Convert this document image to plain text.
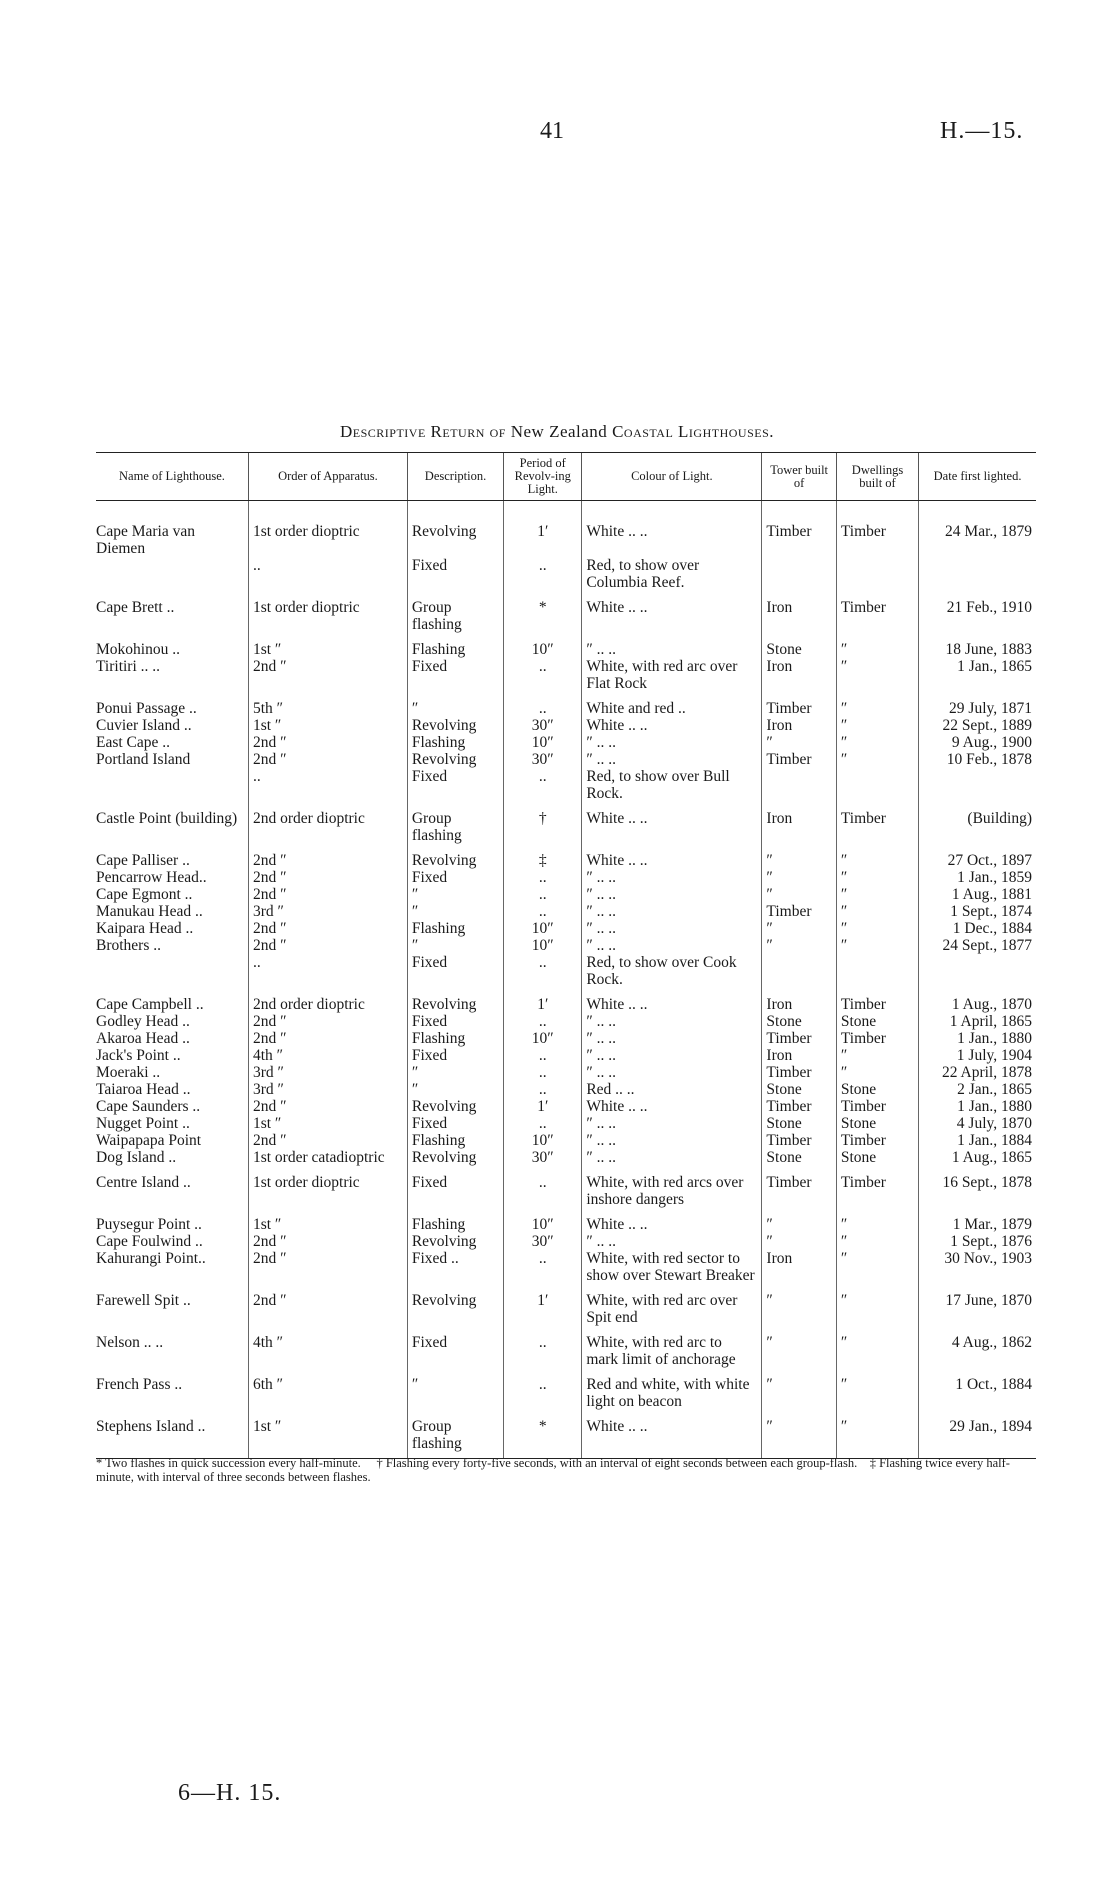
41	H.—15.
Descriptive Return of New Zealand Coastal Lighthouses.
Name of Lighthouse.	Order of Apparatus.	Description.	Period of Revolv-ing Light.	Colour of Light.	Tower built of	Dwellings built of	Date first lighted.
Cape Maria van Diemen	1st order dioptric	Revolving	1′	White .. ..	Timber	Timber	24 Mar., 1879
	..	Fixed	..	Red, to show over Columbia Reef.			
Cape Brett ..	1st order dioptric	Group flashing	*	White .. ..	Iron	Timber	21 Feb., 1910
Mokohinou ..	1st ″	Flashing	10″	″ .. ..	Stone	″	18 June, 1883
Tiritiri .. ..	2nd ″	Fixed	..	White, with red arc over Flat Rock	Iron	″	1 Jan., 1865
Ponui Passage ..	5th ″	″	..	White and red ..	Timber	″	29 July, 1871
Cuvier Island ..	1st ″	Revolving	30″	White .. ..	Iron	″	22 Sept., 1889
East Cape ..	2nd ″	Flashing	10″	″ .. ..	″	″	9 Aug., 1900
Portland Island	2nd ″	Revolving	30″	″ .. ..	Timber	″	10 Feb., 1878
	..	Fixed	..	Red, to show over Bull Rock.			
Castle Point (building)	2nd order dioptric	Group flashing	†	White .. ..	Iron	Timber	(Building)
Cape Palliser ..	2nd ″	Revolving	‡	White .. ..	″	″	27 Oct., 1897
Pencarrow Head..	2nd ″	Fixed	..	″ .. ..	″	″	1 Jan., 1859
Cape Egmont ..	2nd ″	″	..	″ .. ..	″	″	1 Aug., 1881
Manukau Head ..	3rd ″	″	..	″ .. ..	Timber	″	1 Sept., 1874
Kaipara Head ..	2nd ″	Flashing	10″	″ .. ..	″	″	1 Dec., 1884
Brothers ..	2nd ″	″	10″	″ .. ..	″	″	24 Sept., 1877
	..	Fixed	..	Red, to show over Cook Rock.			
Cape Campbell ..	2nd order dioptric	Revolving	1′	White .. ..	Iron	Timber	1 Aug., 1870
Godley Head ..	2nd ″	Fixed	..	″ .. ..	Stone	Stone	1 April, 1865
Akaroa Head ..	2nd ″	Flashing	10″	″ .. ..	Timber	Timber	1 Jan., 1880
Jack's Point ..	4th ″	Fixed	..	″ .. ..	Iron	″	1 July, 1904
Moeraki ..	3rd ″	″	..	″ .. ..	Timber	″	22 April, 1878
Taiaroa Head ..	3rd ″	″	..	Red .. ..	Stone	Stone	2 Jan., 1865
Cape Saunders ..	2nd ″	Revolving	1′	White .. ..	Timber	Timber	1 Jan., 1880
Nugget Point ..	1st ″	Fixed	..	″ .. ..	Stone	Stone	4 July, 1870
Waipapapa Point	2nd ″	Flashing	10″	″ .. ..	Timber	Timber	1 Jan., 1884
Dog Island ..	1st order catadioptric	Revolving	30″	″ .. ..	Stone	Stone	1 Aug., 1865
Centre Island ..	1st order dioptric	Fixed	..	White, with red arcs over inshore dangers	Timber	Timber	16 Sept., 1878
Puysegur Point ..	1st ″	Flashing	10″	White .. ..	″	″	1 Mar., 1879
Cape Foulwind ..	2nd ″	Revolving	30″	″ .. ..	″	″	1 Sept., 1876
Kahurangi Point..	2nd ″	Fixed ..	..	White, with red sector to show over Stewart Breaker	Iron	″	30 Nov., 1903
Farewell Spit ..	2nd ″	Revolving	1′	White, with red arc over Spit end	″	″	17 June, 1870
Nelson .. ..	4th ″	Fixed	..	White, with red arc to mark limit of anchorage	″	″	4 Aug., 1862
French Pass ..	6th ″	″	..	Red and white, with white light on beacon	″	″	1 Oct., 1884
Stephens Island ..	1st ″	Group flashing	*	White .. ..	″	″	29 Jan., 1894
* Two flashes in quick succession every half-minute. † Flashing every forty-five seconds, with an interval of eight seconds between each group-flash. ‡ Flashing twice every half-minute, with interval of three seconds between flashes.
6—H. 15.
